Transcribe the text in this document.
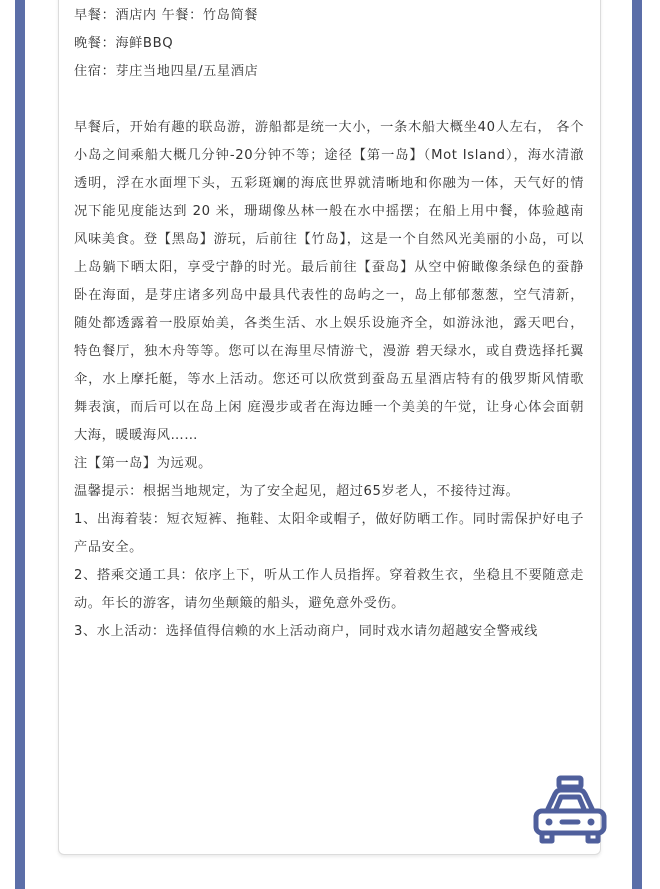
早餐：酒店内 午餐：竹岛简餐

晚餐：海鲜BBQ

住宿：芽庄当地四星/五星酒店

早餐后，开始有趣的联岛游，游船都是统一大小，一条木船大概坐40人左右， 各个小岛之间乘船大概几分钟-20分钟不等；途径【第一岛】（Mot Island），海水清澈透明，浮在水面埋下头，五彩斑斓的海底世界就清晰地和你融为一体，天气好的情况下能见度能达到 20 米，珊瑚像丛林一般在水中摇摆；在船上用中餐，体验越南风味美食。登【黑岛】游玩，后前往【竹岛】，这是一个自然风光美丽的小岛，可以上岛躺下晒太阳，享受宁静的时光。最后前往【蚕岛】从空中俯瞰像条绿色的蚕静卧在海面，是芽庄诸多列岛中最具代表性的岛屿之一，岛上郁郁葱葱，空气清新， 随处都透露着一股原始美，各类生活、水上娱乐设施齐全，如游泳池，露天吧台，特色餐厅，独木舟等等。您可以在海里尽情游弋，漫游 碧天绿水，或自费选择托翼伞，水上摩托艇，等水上活动。您还可以欣赏到蚕岛五星酒店特有的俄罗斯风情歌舞表演，而后可以在岛上闲 庭漫步或者在海边睡一个美美的午觉，让身心体会面朝大海，暖暖海风……

注【第一岛】为远观。

温馨提示：根据当地规定，为了安全起见，超过65岁老人，不接待过海。

1、出海着装：短衣短裤、拖鞋、太阳伞或帽子，做好防晒工作。同时需保护好电子产品安全。

2、搭乘交通工具：依序上下，听从工作人员指挥。穿着救生衣，坐稳且不要随意走动。年长的游客，请勿坐颠簸的船头，避免意外受伤。

3、水上活动：选择值得信赖的水上活动商户，同时戏水请勿超越安全警戒线
